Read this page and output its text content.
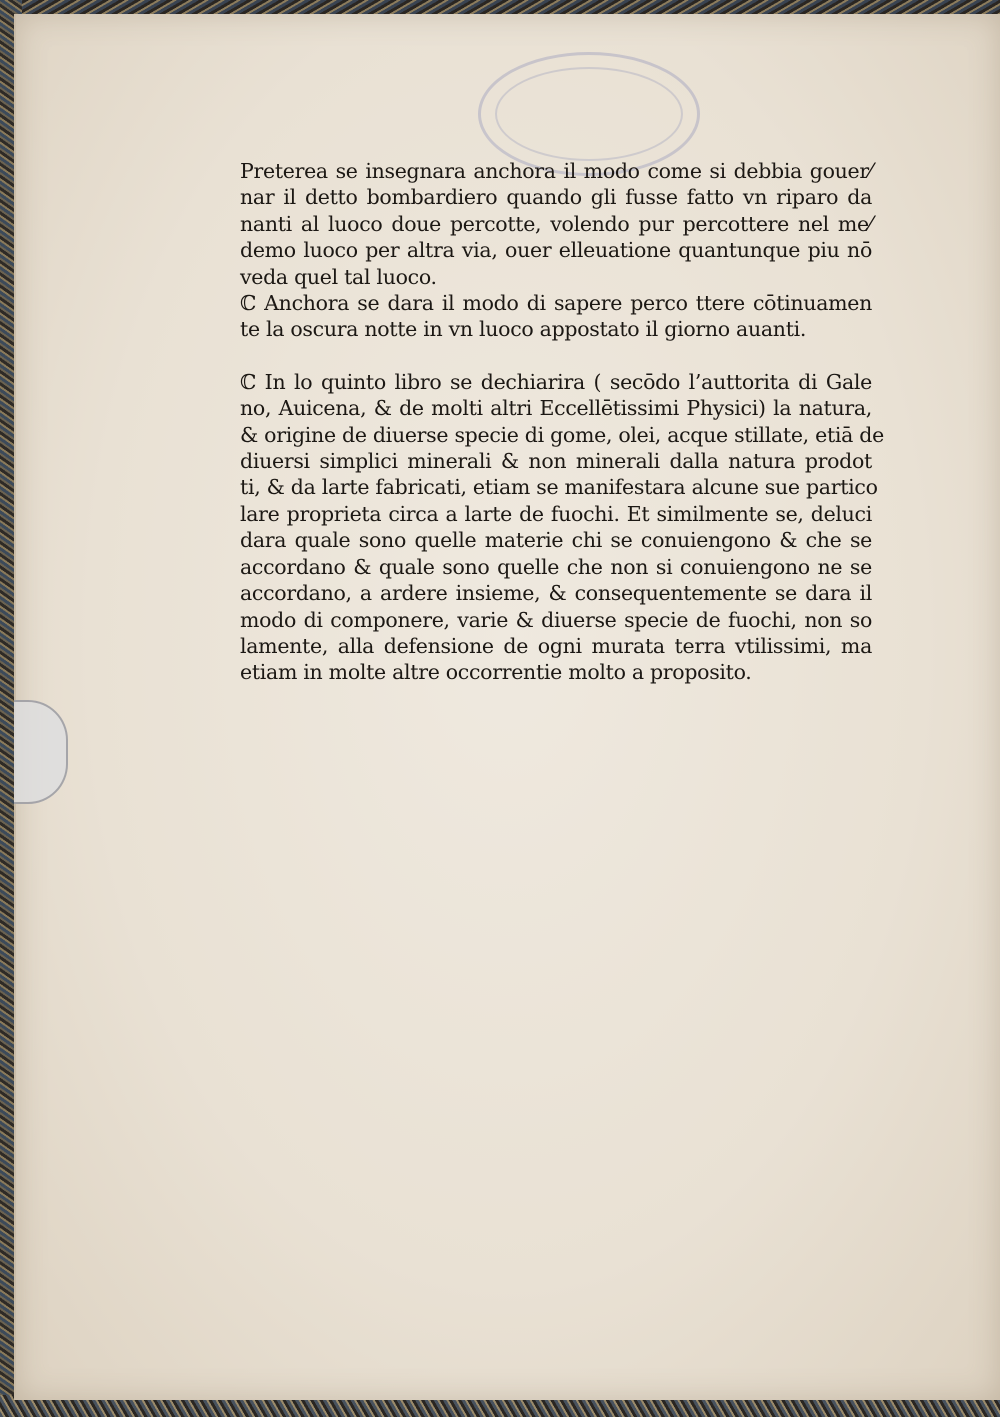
Preterea se insegnara anchora il modo come si debbia gouer⁄
nar il detto bombardiero quando gli fusse fatto vn riparo da
nanti al luoco doue percotte, volendo pur percottere nel me⁄
demo luoco per altra via, ouer elleuatione quantunque piu nō
veda quel tal luoco.

ℂ Anchora se dara il modo di sapere perco ttere cōtinuamen
te la oscura notte in vn luoco appostato il giorno auanti.

ℂ In lo quinto libro se dechiarira ( secōdo l’auttorita di Gale
no, Auicena, & de molti altri Eccellētissimi Physici) la natura,
& origine de diuerse specie di gome, olei, acque stillate, etiā de
diuersi simplici minerali & non minerali dalla natura prodot
ti, & da larte fabricati, etiam se manifestara alcune sue partico
lare proprieta circa a larte de fuochi. Et similmente se, deluci
dara quale sono quelle materie chi se conuiengono & che se
accordano & quale sono quelle che non si conuiengono ne se
accordano, a ardere insieme, & consequentemente se dara il
modo di componere, varie & diuerse specie de fuochi, non so
lamente, alla defensione de ogni murata terra vtilissimi, ma
etiam in molte altre occorrentie molto a proposito.
